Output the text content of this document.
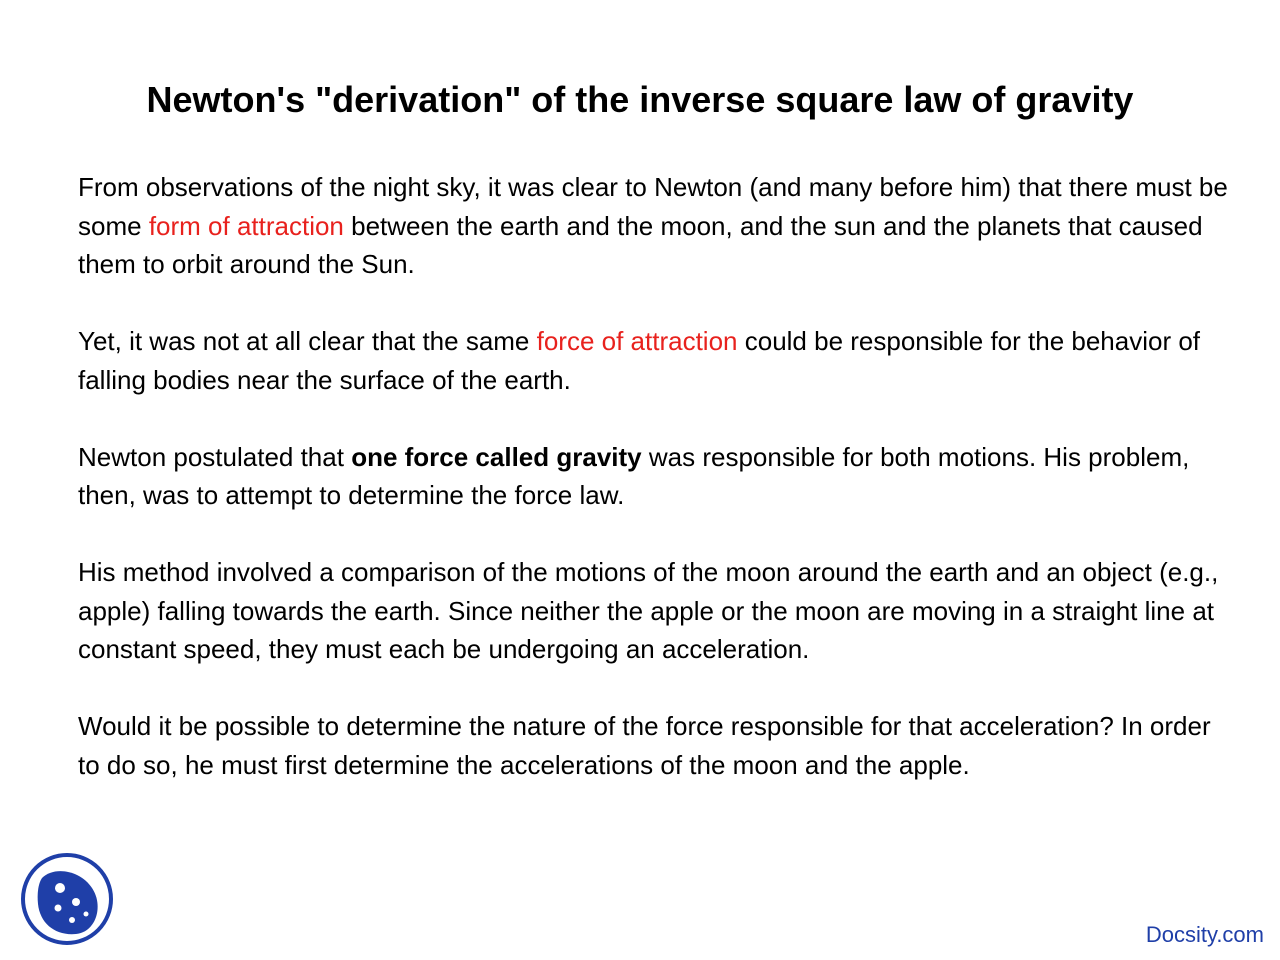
Newton's "derivation" of the inverse square law of gravity

From observations of the night sky, it was clear to Newton (and many before him) that there must be some form of attraction between the earth and the moon, and the sun and the planets that caused them to orbit around the Sun.

Yet, it was not at all clear that the same force of attraction could be responsible for the behavior of falling bodies near the surface of the earth.

Newton postulated that one force called gravity was responsible for both motions. His problem, then, was to attempt to determine the force law.

His method involved a comparison of the motions of the moon around the earth and an object (e.g., apple) falling towards the earth. Since neither the apple or the moon are moving in a straight line at constant speed, they must each be undergoing an acceleration.

Would it be possible to determine the nature of the force responsible for that acceleration? In order to do so, he must first determine the accelerations of the moon and the apple.

Docsity.com
